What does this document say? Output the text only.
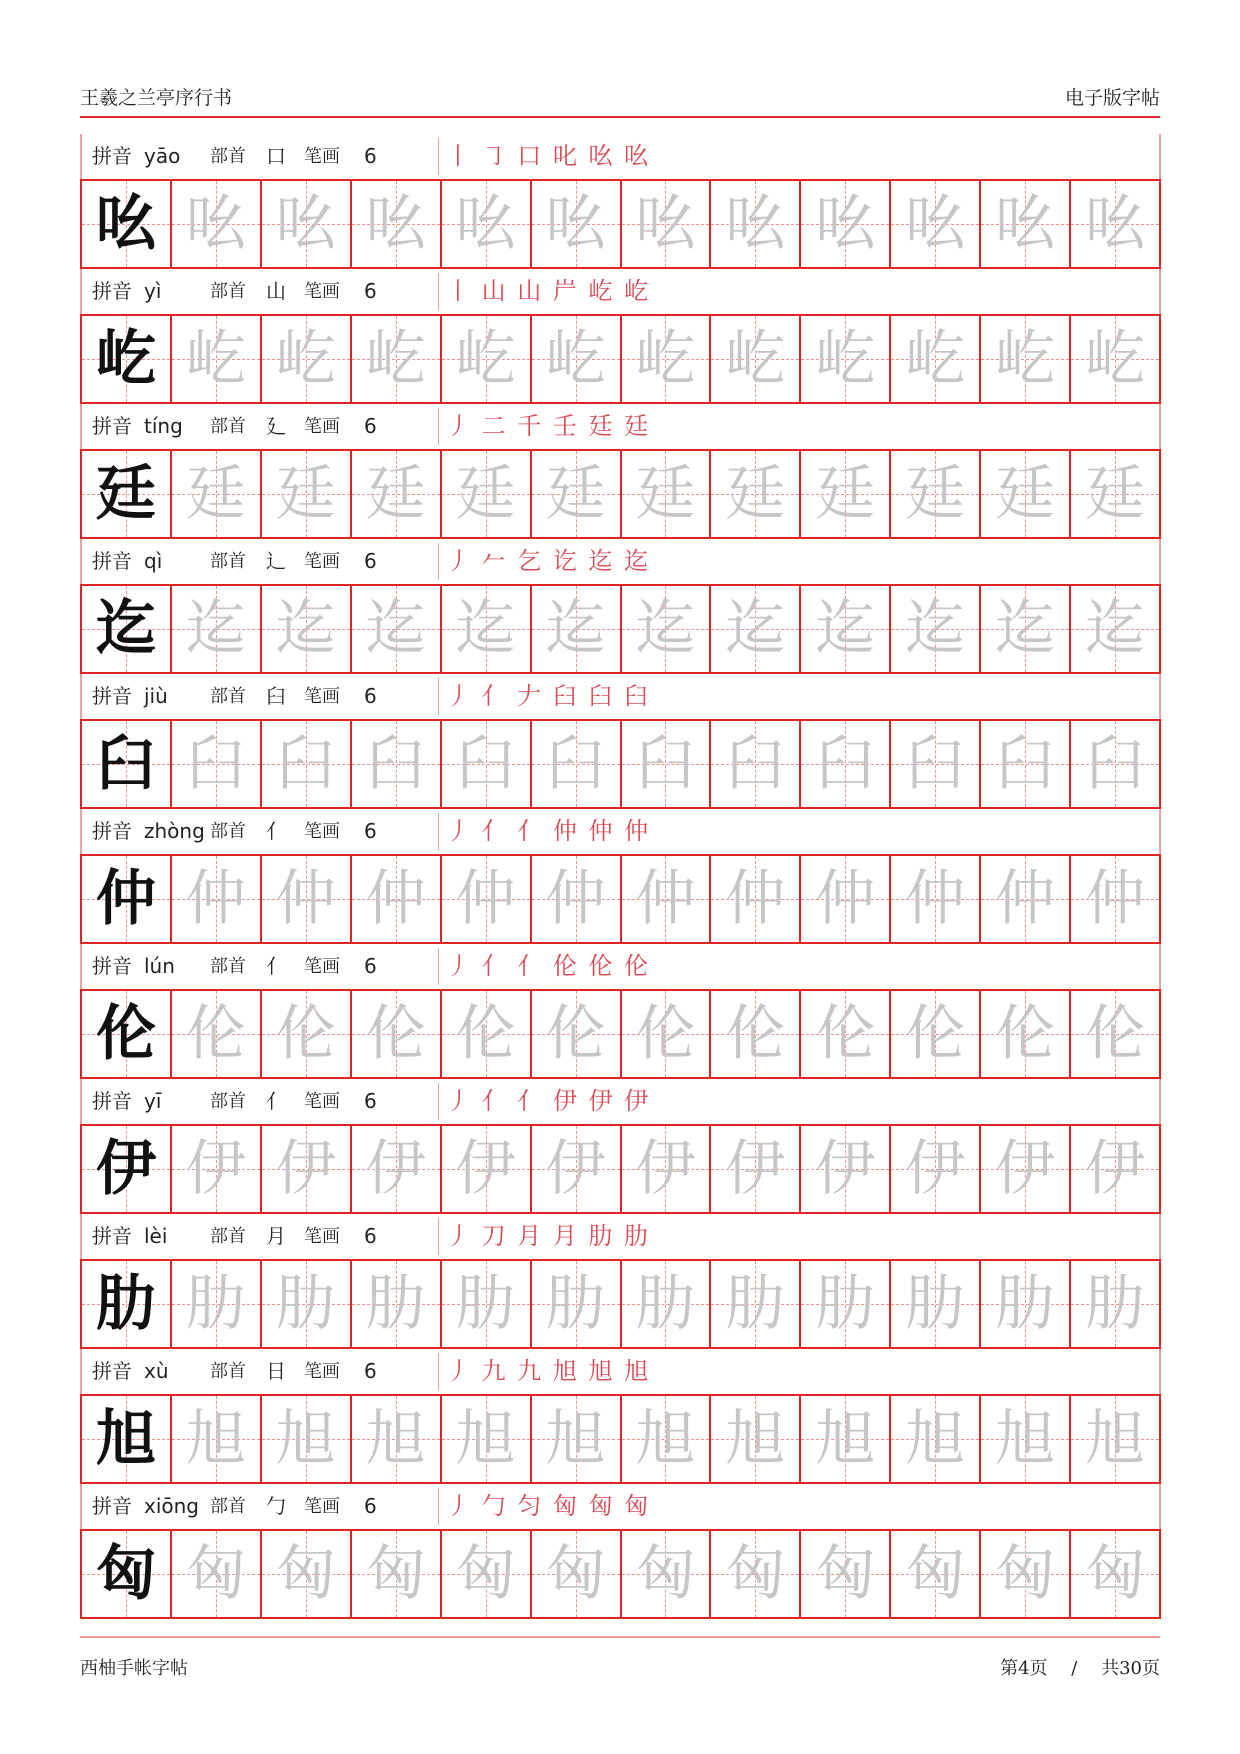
王羲之兰亭序行书	电子版字帖
拼音 yāo 部首 口 笔画 6	丨 ㇆ 口 叱 吆 吆
吆 吆 吆 吆 吆 吆 吆 吆 吆 吆 吆 吆
拼音 yì	部首 山 笔画 6	丨 山 山 屵 屹 屹
屹 屹 屹 屹 屹 屹 屹 屹 屹 屹 屹 屹
拼音 tíng 部首 廴 笔画 6	丿 二 千 壬 廷 廷
廷 廷 廷 廷 廷 廷 廷 廷 廷 廷 廷 廷
拼音 qì	部首 辶 笔画 6	丿 𠂉 乞 讫 迄 迄
迄 迄 迄 迄 迄 迄 迄 迄 迄 迄 迄 迄
拼音 jiù 部首 臼 笔画 6	丿 亻 𠂇 臼 臼 臼
臼 臼 臼 臼 臼 臼 臼 臼 臼 臼 臼 臼
拼音 zhòng 部首 亻 笔画 6	丿 亻 亻 仲 仲 仲
仲 仲 仲 仲 仲 仲 仲 仲 仲 仲 仲 仲
拼音 lún 部首 亻 笔画 6	丿 亻 亻 伦 伦 伦
伦 伦 伦 伦 伦 伦 伦 伦 伦 伦 伦 伦
拼音 yī	部首 亻 笔画 6	丿 亻 亻 伊 伊 伊
伊 伊 伊 伊 伊 伊 伊 伊 伊 伊 伊 伊
拼音 lèi 部首 月 笔画 6	丿 刀 月 月 肋 肋
肋 肋 肋 肋 肋 肋 肋 肋 肋 肋 肋 肋
拼音 xù 部首 日 笔画 6	丿 九 九 旭 旭 旭
旭 旭 旭 旭 旭 旭 旭 旭 旭 旭 旭 旭
拼音 xiōng 部首 勹 笔画 6	丿 勹 匀 匈 匈 匈
匈 匈 匈 匈 匈 匈 匈 匈 匈 匈 匈 匈
西柚手帐字帖	第4页 / 共30页
